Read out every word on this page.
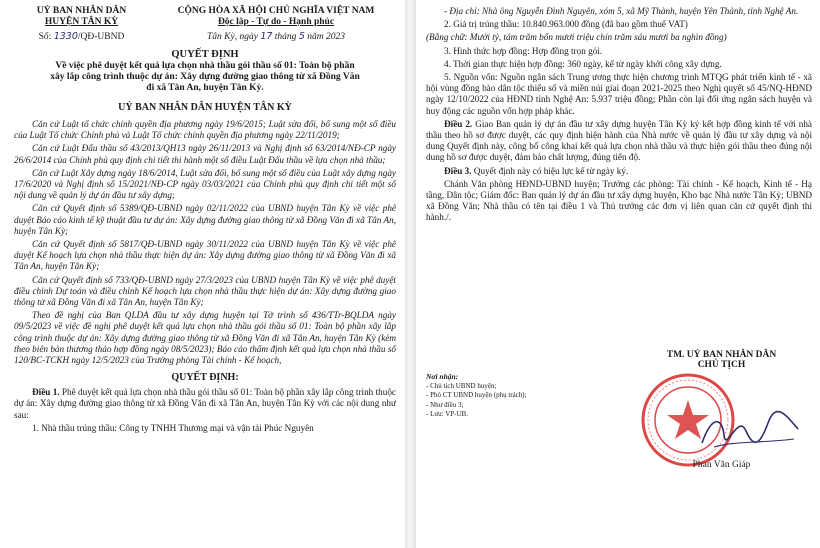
UỶ BAN NHÂN DÂN
HUYỆN TÂN KỲ
CỘNG HÒA XÃ HỘI CHỦ NGHĨA VIỆT NAM
Độc lập - Tự do - Hạnh phúc
Số: 1330/QĐ-UBND	Tân Kỳ, ngày 17 tháng 5 năm 2023
QUYẾT ĐỊNH
Về việc phê duyệt kết quả lựa chọn nhà thầu gói thầu số 01: Toàn bộ phần
xây lắp công trình thuộc dự án: Xây dựng đường giao thông từ xã Đồng Văn
đi xã Tân An, huyện Tân Kỳ.
UỶ BAN NHÂN DÂN HUYỆN TÂN KỲ

Căn cứ Luật tổ chức chính quyền địa phương ngày 19/6/2015; Luật sửa đổi, bổ sung một số điều của Luật Tổ chức Chính phủ và Luật Tổ chức chính quyền địa phương ngày 22/11/2019;

Căn cứ Luật Đấu thầu số 43/2013/QH13 ngày 26/11/2013 và Nghị định số 63/2014/NĐ-CP ngày 26/6/2014 của Chính phủ quy định chi tiết thi hành một số điều Luật Đấu thầu về lựa chọn nhà thầu;

Căn cứ Luật Xây dựng ngày 18/6/2014, Luật sửa đổi, bổ sung một số điều của Luật xây dựng ngày 17/6/2020 và Nghị định số 15/2021/NĐ-CP ngày 03/03/2021 của Chính phủ quy định chi tiết một số nội dung về quản lý dự án đầu tư xây dựng;

Căn cứ Quyết định số 5389/QĐ-UBND ngày 02/11/2022 của UBND huyện Tân Kỳ về việc phê duyệt Báo cáo kinh tế kỹ thuật đầu tư dự án: Xây dựng đường giao thông từ xã Đồng Văn đi xã Tân An, huyện Tân Kỳ;

Căn cứ Quyết định số 5817/QĐ-UBND ngày 30/11/2022 của UBND huyện Tân Kỳ về việc phê duyệt Kế hoạch lựa chọn nhà thầu thực hiện dự án: Xây dựng đường giao thông từ xã Đồng Văn đi xã Tân An, huyện Tân Kỳ;

Căn cứ Quyết định số 733/QĐ-UBND ngày 27/3/2023 của UBND huyện Tân Kỳ về việc phê duyệt điều chỉnh Dự toán và điều chỉnh Kế hoạch lựa chọn nhà thầu thực hiện dự án: Xây dựng đường giao thông từ xã Đồng Văn đi xã Tân An, huyện Tân Kỳ;

Theo đề nghị của Ban QLDA đầu tư xây dựng huyện tại Tờ trình số 436/TTr-BQLDA ngày 09/5/2023 về việc đề nghị phê duyệt kết quả lựa chọn nhà thầu gói thầu số 01: Toàn bộ phần xây lắp công trình thuộc dự án: Xây dựng đường giao thông từ xã Đồng Văn đi xã Tân An, huyện Tân Kỳ (kèm theo biên bản thương thảo hợp đồng ngày 08/5/2023); Báo cáo thẩm định kết quả lựa chọn nhà thầu số 120/BC-TCKH ngày 12/5/2023 của Trưởng phòng Tài chính - Kế hoạch,

QUYẾT ĐỊNH:

Điều 1. Phê duyệt kết quả lựa chọn nhà thầu gói thầu số 01: Toàn bộ phần xây lắp công trình thuộc dự án: Xây dựng đường giao thông từ xã Đồng Văn đi xã Tân An, huyện Tân Kỳ với các nội dung như sau:

1. Nhà thầu trúng thầu: Công ty TNHH Thương mại và vận tải Phúc Nguyên

- Địa chỉ: Nhà ông Nguyễn Đình Nguyên, xóm 5, xã Mỹ Thành, huyện Yên Thành, tỉnh Nghệ An.

2. Giá trị trúng thầu: 10.840.963.000 đồng (đã bao gồm thuế VAT)

(Bằng chữ: Mười tỷ, tám trăm bốn mươi triệu chín trăm sáu mươi ba nghìn đồng)

3. Hình thức hợp đồng: Hợp đồng trọn gói.

4. Thời gian thực hiện hợp đồng: 360 ngày, kể từ ngày khởi công xây dựng.

5. Nguồn vốn: Nguồn ngân sách Trung ương thực hiện chương trình MTQG phát triển kinh tế - xã hội vùng đồng bào dân tộc thiểu số và miền núi giai đoạn 2021-2025 theo Nghị quyết số 45/NQ-HĐND ngày 12/10/2022 của HĐND tỉnh Nghệ An: 5.937 triệu đồng; Phần còn lại đối ứng ngân sách huyện và huy động các nguồn vốn hợp pháp khác.

Điều 2. Giao Ban quản lý dự án đầu tư xây dựng huyện Tân Kỳ ký kết hợp đồng kinh tế với nhà thầu theo hồ sơ được duyệt, các quy định hiện hành của Nhà nước về quản lý đầu tư xây dựng và nội dung Quyết định này, công bố công khai kết quả lựa chọn nhà thầu và thực hiện gói thầu theo đúng nội dung hồ sơ được duyệt, đảm bảo chất lượng, đúng tiến độ.

Điều 3. Quyết định này có hiệu lực kể từ ngày ký.

Chánh Văn phòng HĐND-UBND huyện; Trưởng các phòng: Tài chính - Kế hoạch, Kinh tế - Hạ tầng, Dân tộc; Giám đốc: Ban quản lý dự án đầu tư xây dựng huyện, Kho bạc Nhà nước Tân Kỳ; UBND xã Đồng Văn; Nhà thầu có tên tại điều 1 và Thủ trưởng các đơn vị liên quan căn cứ quyết định thi hành./.

Nơi nhận:
- Chủ tịch UBND huyện;
- Phó CT UBND huyện (phụ trách);
- Như điều 3;
- Lưu: VP-UB.
TM. UỶ BAN NHÂN DÂN
CHỦ TỊCH
Phan Văn Giáp
